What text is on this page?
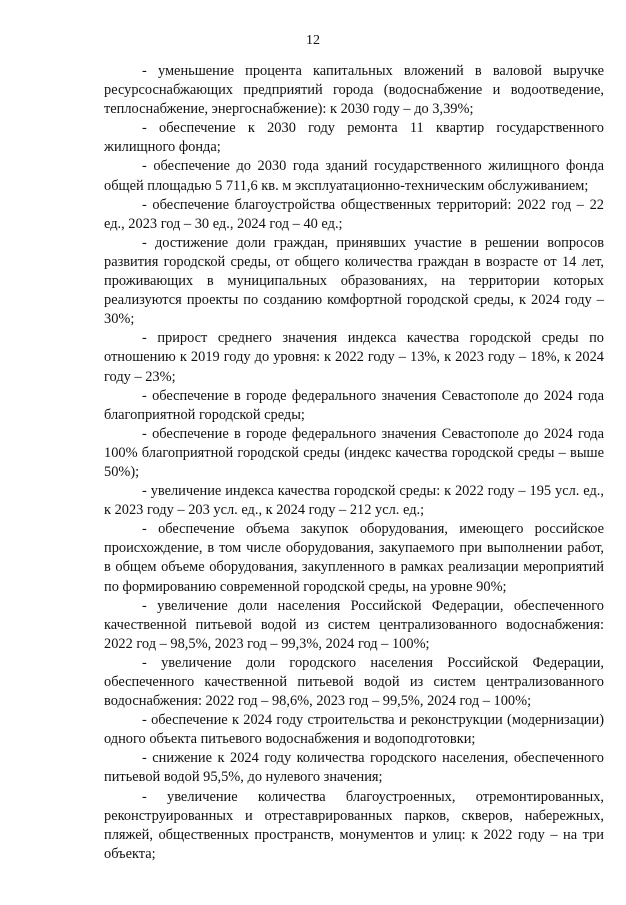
12

- уменьшение процента капитальных вложений в валовой выручке ресурсоснабжающих предприятий города (водоснабжение и водоотведение, теплоснабжение, энергоснабжение): к 2030 году – до 3,39%;

- обеспечение к 2030 году ремонта 11 квартир государственного жилищного фонда;

- обеспечение до 2030 года зданий государственного жилищного фонда общей площадью 5 711,6 кв. м эксплуатационно-техническим обслуживанием;

- обеспечение благоустройства общественных территорий: 2022 год – 22 ед., 2023 год – 30 ед., 2024 год – 40 ед.;

- достижение доли граждан, принявших участие в решении вопросов развития городской среды, от общего количества граждан в возрасте от 14 лет, проживающих в муниципальных образованиях, на территории которых реализуются проекты по созданию комфортной городской среды, к 2024 году – 30%;

- прирост среднего значения индекса качества городской среды по отношению к 2019 году до уровня: к 2022 году – 13%, к 2023 году – 18%, к 2024 году – 23%;

- обеспечение в городе федерального значения Севастополе до 2024 года благоприятной городской среды;

- обеспечение в городе федерального значения Севастополе до 2024 года 100% благоприятной городской среды (индекс качества городской среды – выше 50%);

- увеличение индекса качества городской среды: к 2022 году – 195 усл. ед., к 2023 году – 203 усл. ед., к 2024 году – 212 усл. ед.;

- обеспечение объема закупок оборудования, имеющего российское происхождение, в том числе оборудования, закупаемого при выполнении работ, в общем объеме оборудования, закупленного в рамках реализации мероприятий по формированию современной городской среды, на уровне 90%;

- увеличение доли населения Российской Федерации, обеспеченного качественной питьевой водой из систем централизованного водоснабжения: 2022 год – 98,5%, 2023 год – 99,3%, 2024 год – 100%;

- увеличение доли городского населения Российской Федерации, обеспеченного качественной питьевой водой из систем централизованного водоснабжения: 2022 год – 98,6%, 2023 год – 99,5%, 2024 год – 100%;

- обеспечение к 2024 году строительства и реконструкции (модернизации) одного объекта питьевого водоснабжения и водоподготовки;

- снижение к 2024 году количества городского населения, обеспеченного питьевой водой 95,5%, до нулевого значения;

- увеличение количества благоустроенных, отремонтированных, реконструированных и отреставрированных парков, скверов, набережных, пляжей, общественных пространств, монументов и улиц: к 2022 году – на три объекта;
